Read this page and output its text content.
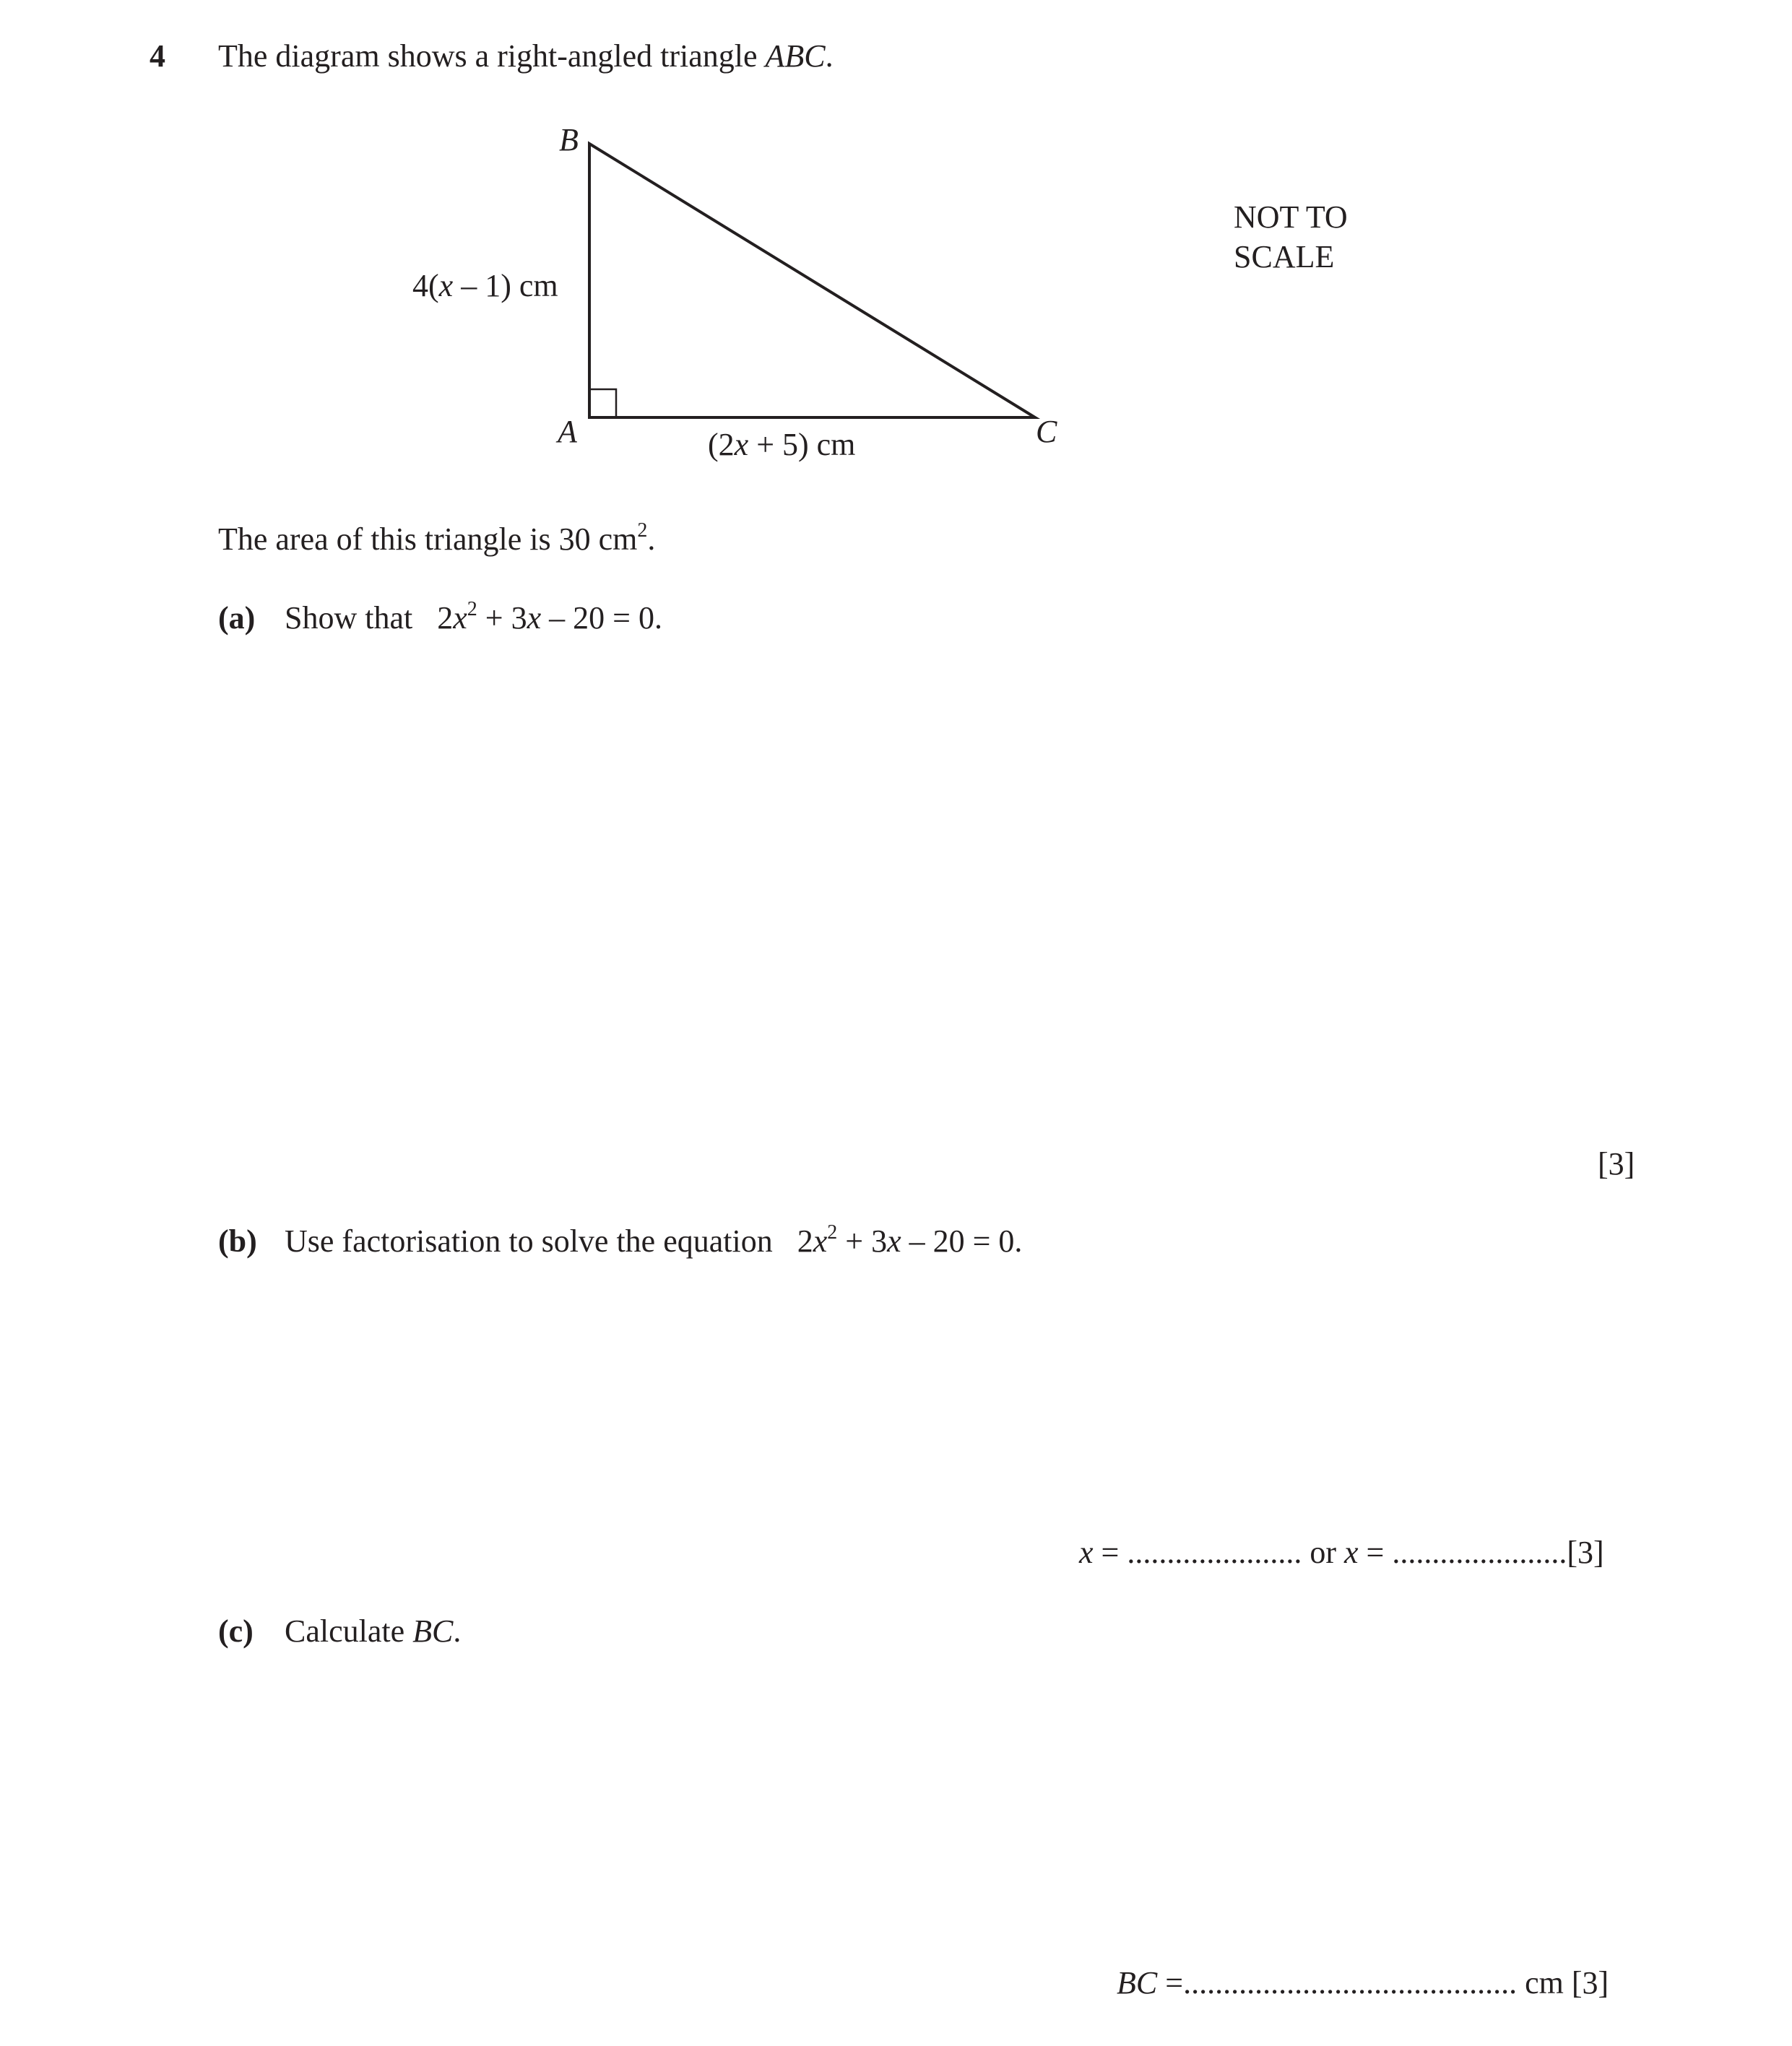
4 The diagram shows a right-angled triangle ABC.
B
A	C
4(x – 1) cm
(2x + 5) cm
NOT TO
SCALE
The area of this triangle is 30 $cm^2$.
(a) Show that $2x^2 + 3x - 20 = 0$.
[3]
(b) Use factorisation to solve the equation $2x^2 + 3x - 20 = 0$.
x = ...................... or x = ......................[3]
(c) Calculate BC.
BC =.......................................... cm [3]
